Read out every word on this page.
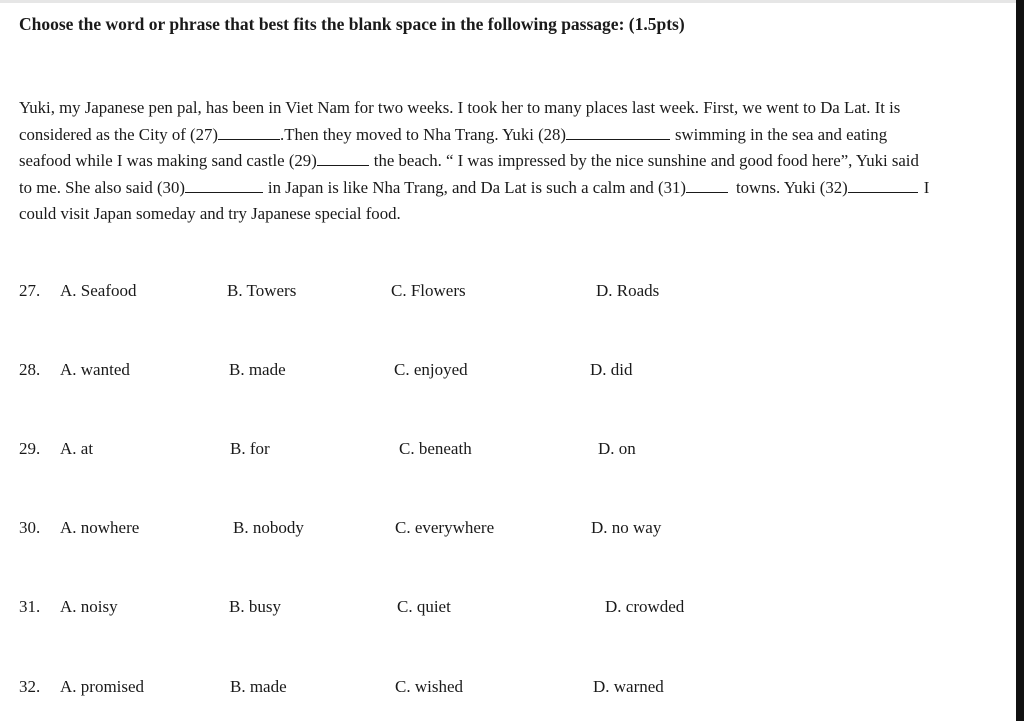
Choose the word or phrase that best fits the blank space in the following passage: (1.5pts)
Yuki, my Japanese pen pal, has been in Viet Nam for two weeks. I took her to many places last week. First, we went to Da Lat. It is
considered as the City of (27)	.Then they moved to Nha Trang. Yuki (28)	swimming in the sea and eating
seafood while I was making sand castle (29)	the beach. “ I was impressed by the nice sunshine and good food here”, Yuki said
to me. She also said (30)	in Japan is like Nha Trang, and Da Lat is such a calm and (31)	towns. Yuki (32)	I
could visit Japan someday and try Japanese special food.
27. A. Seafood	B. Towers	C. Flowers	D. Roads
28. A. wanted	B. made	C. enjoyed	D. did
29. A. at	B. for	C. beneath	D. on
30. A. nowhere	B. nobody	C. everywhere	D. no way
31. A. noisy	B. busy	C. quiet	D. crowded
32. A. promised	B. made	C. wished	D. warned
